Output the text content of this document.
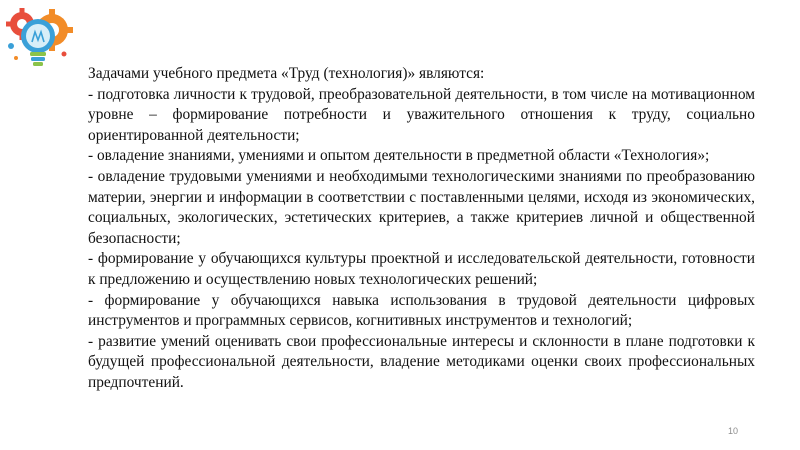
Задачами учебного предмета «Труд (технология)» являются:

- подготовка личности к трудовой, преобразовательной деятельности, в том числе на мотивационном уровне – формирование потребности и уважительного отношения к труду, социально ориентированной деятельности;

- овладение знаниями, умениями и опытом деятельности в предметной области «Технология»;

- овладение трудовыми умениями и необходимыми технологическими знаниями по преобразованию материи, энергии и информации в соответствии с поставленными целями, исходя из экономических, социальных, экологических, эстетических критериев, а также критериев личной и общественной безопасности;

- формирование у обучающихся культуры проектной и исследовательской деятельности, готовности к предложению и осуществлению новых технологических решений;

- формирование у обучающихся навыка использования в трудовой деятельности цифровых инструментов и программных сервисов, когнитивных инструментов и технологий;

- развитие умений оценивать свои профессиональные интересы и склонности в плане подготовки к будущей профессиональной деятельности, владение методиками оценки своих профессиональных предпочтений.

10
